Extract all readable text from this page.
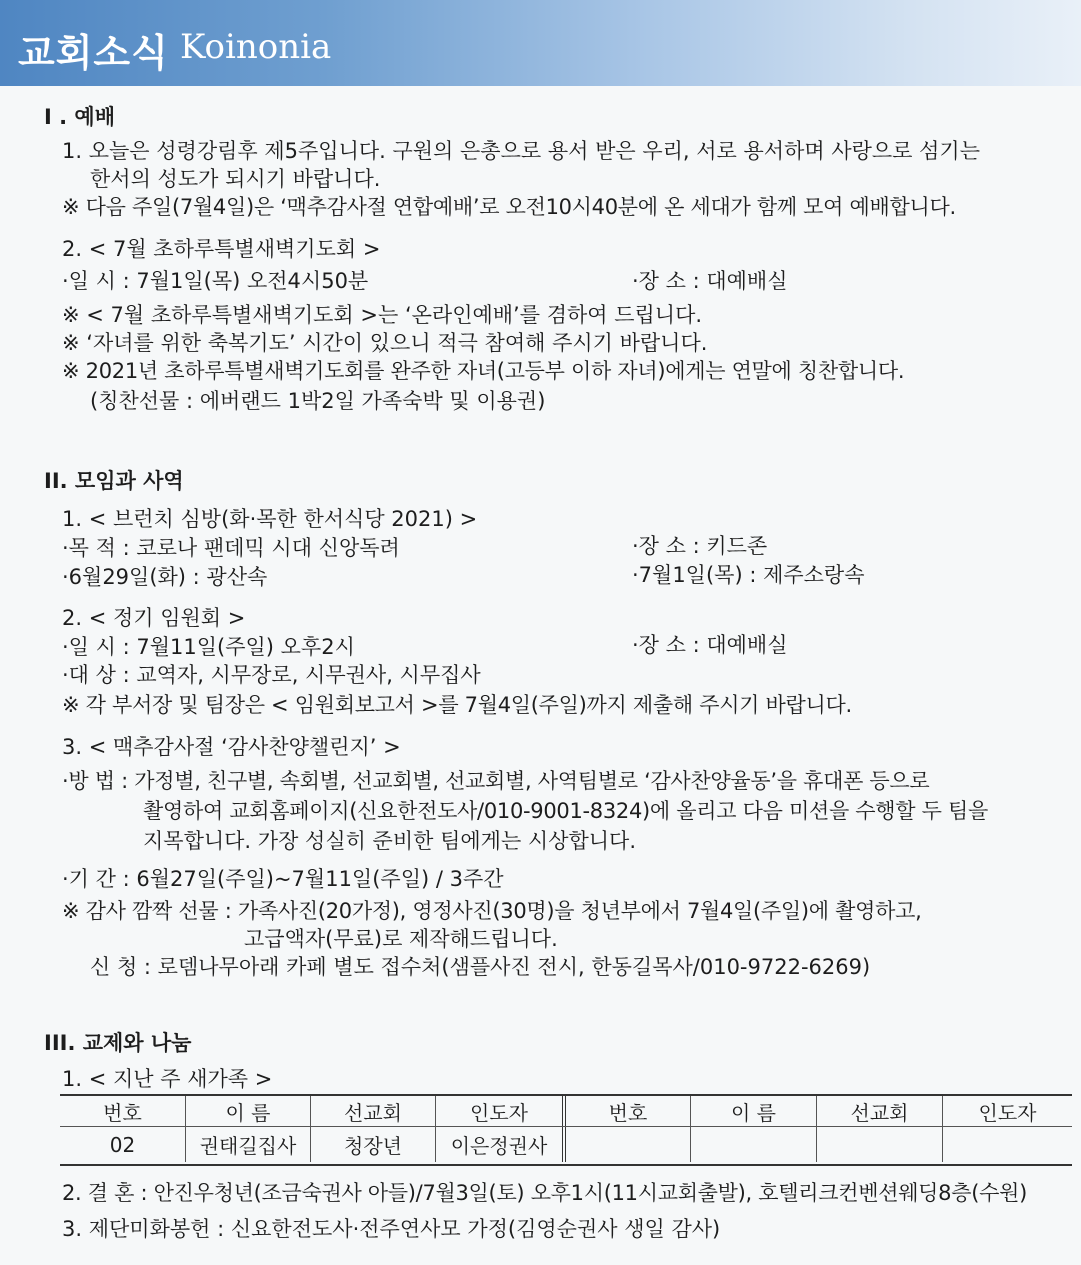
교회소식 Koinonia
I . 예배
1. 오늘은 성령강림후 제5주입니다. 구원의 은총으로 용서 받은 우리, 서로 용서하며 사랑으로 섬기는
한서의 성도가 되시기 바랍니다.
※ 다음 주일(7월4일)은 ‘맥추감사절 연합예배’로 오전10시40분에 온 세대가 함께 모여 예배합니다.
2. < 7월 초하루특별새벽기도회 >
·일 시 : 7월1일(목) 오전4시50분	·장 소 : 대예배실
※ < 7월 초하루특별새벽기도회 >는 ‘온라인예배’를 겸하여 드립니다.
※ ‘자녀를 위한 축복기도’ 시간이 있으니 적극 참여해 주시기 바랍니다.
※ 2021년 초하루특별새벽기도회를 완주한 자녀(고등부 이하 자녀)에게는 연말에 칭찬합니다.
(칭찬선물 : 에버랜드 1박2일 가족숙박 및 이용권)
II. 모임과 사역
1. < 브런치 심방(화·목한 한서식당 2021) >
·목 적 : 코로나 팬데믹 시대 신앙독려	·장 소 : 키드존
·6월29일(화) : 광산속	·7월1일(목) : 제주소랑속
2. < 정기 임원회 >
·일 시 : 7월11일(주일) 오후2시	·장 소 : 대예배실
·대 상 : 교역자, 시무장로, 시무권사, 시무집사
※ 각 부서장 및 팀장은 < 임원회보고서 >를 7월4일(주일)까지 제출해 주시기 바랍니다.
3. < 맥추감사절 ‘감사찬양챌린지’ >
·방 법 : 가정별, 친구별, 속회별, 선교회별, 선교회별, 사역팀별로 ‘감사찬양율동’을 휴대폰 등으로
촬영하여 교회홈페이지(신요한전도사/010-9001-8324)에 올리고 다음 미션을 수행할 두 팀을
지목합니다. 가장 성실히 준비한 팀에게는 시상합니다.
·기 간 : 6월27일(주일)~7월11일(주일) / 3주간
※ 감사 깜짝 선물 : 가족사진(20가정), 영정사진(30명)을 청년부에서 7월4일(주일)에 촬영하고,
고급액자(무료)로 제작해드립니다.
신 청 : 로뎀나무아래 카페 별도 접수처(샘플사진 전시, 한동길목사/010-9722-6269)
III. 교제와 나눔
1. < 지난 주 새가족 >
번호	이 름	선교회	인도자	번호	이 름	선교회	인도자
02	권태길집사	청장년	이은정권사
2. 결 혼 : 안진우청년(조금숙권사 아들)/7월3일(토) 오후1시(11시교회출발), 호텔리크컨벤션웨딩8층(수원)
3. 제단미화봉헌 : 신요한전도사·전주연사모 가정(김영순권사 생일 감사)
